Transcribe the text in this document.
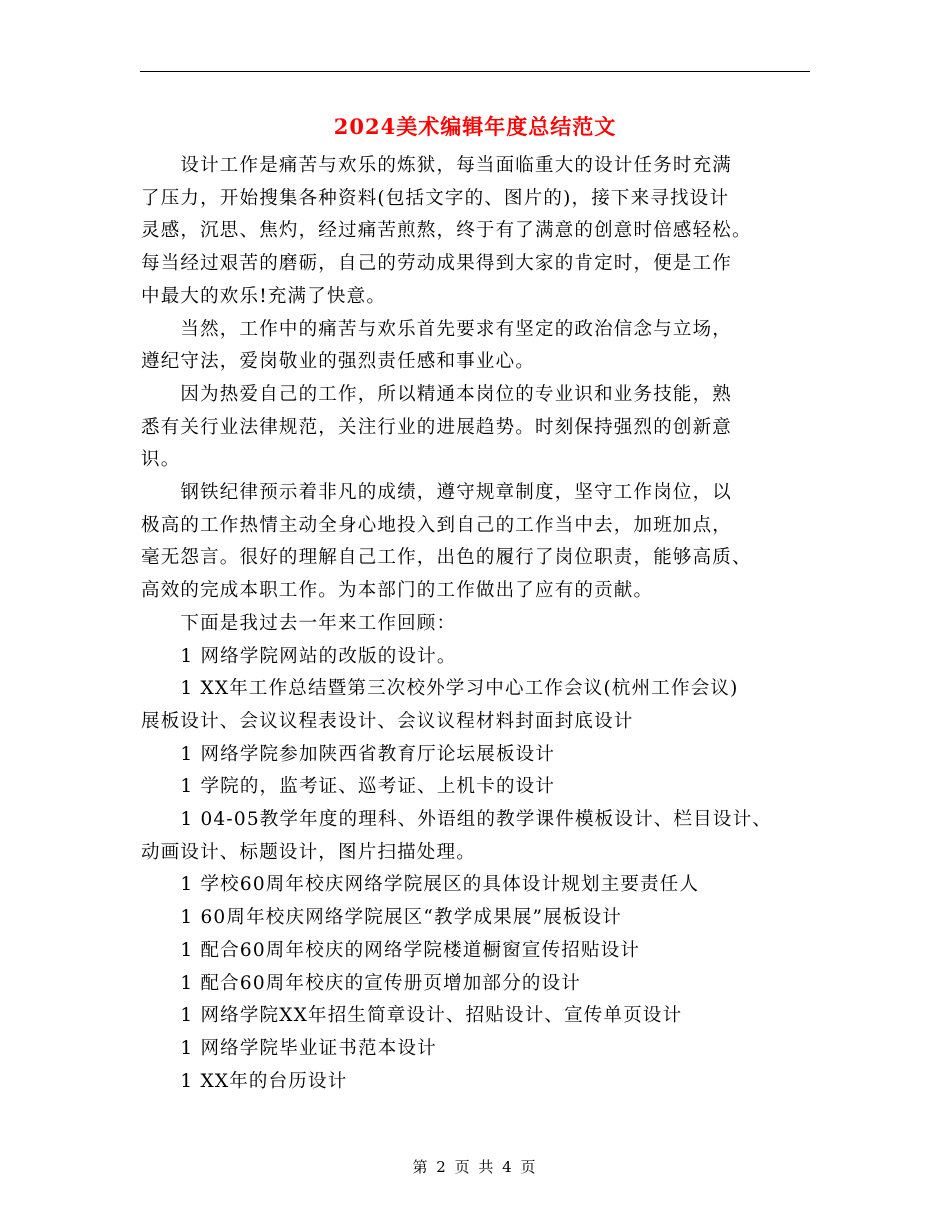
2024美术编辑年度总结范文

　　设计工作是痛苦与欢乐的炼狱，每当面临重大的设计任务时充满

了压力，开始搜集各种资料(包括文字的、图片的)，接下来寻找设计

灵感，沉思、焦灼，经过痛苦煎熬，终于有了满意的创意时倍感轻松。

每当经过艰苦的磨砺，自己的劳动成果得到大家的肯定时，便是工作

中最大的欢乐!充满了快意。

　　当然，工作中的痛苦与欢乐首先要求有坚定的政治信念与立场，

遵纪守法，爱岗敬业的强烈责任感和事业心。

　　因为热爱自己的工作，所以精通本岗位的专业识和业务技能，熟

悉有关行业法律规范，关注行业的进展趋势。时刻保持强烈的创新意

识。

　　钢铁纪律预示着非凡的成绩，遵守规章制度，坚守工作岗位，以

极高的工作热情主动全身心地投入到自己的工作当中去，加班加点，

毫无怨言。很好的理解自己工作，出色的履行了岗位职责，能够高质、

高效的完成本职工作。为本部门的工作做出了应有的贡献。

　　下面是我过去一年来工作回顾：

　　1 网络学院网站的改版的设计。

　　1 XX年工作总结暨第三次校外学习中心工作会议(杭州工作会议)

展板设计、会议议程表设计、会议议程材料封面封底设计

　　1 网络学院参加陕西省教育厅论坛展板设计

　　1 学院的，监考证、巡考证、上机卡的设计

　　1 04-05教学年度的理科、外语组的教学课件模板设计、栏目设计、

动画设计、标题设计，图片扫描处理。

　　1 学校60周年校庆网络学院展区的具体设计规划主要责任人

　　1 60周年校庆网络学院展区“教学成果展”展板设计

　　1 配合60周年校庆的网络学院楼道橱窗宣传招贴设计

　　1 配合60周年校庆的宣传册页增加部分的设计

　　1 网络学院XX年招生简章设计、招贴设计、宣传单页设计

　　1 网络学院毕业证书范本设计

　　1 XX年的台历设计

第 2 页 共 4 页
